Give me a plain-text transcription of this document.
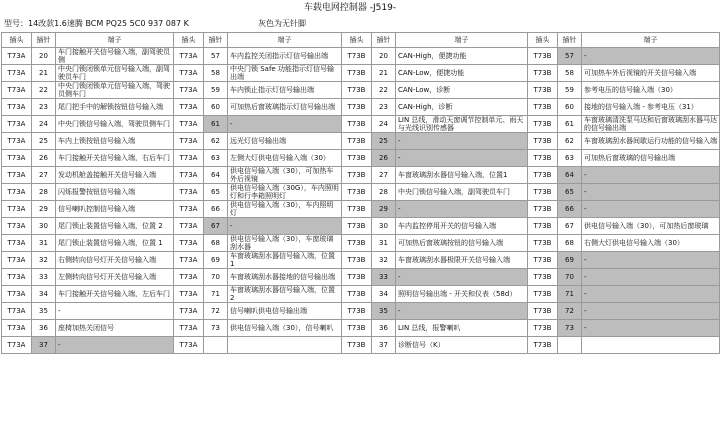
车载电网控制器 -J519-
型号：14改款1.6速腾 BCM PQ25 5C0 937 087 K	灰色为无针脚
插头	插针	端子	插头	插针	端子	插头	插针	端子	插头	插针	端子
T73A	20	车门接触开关信号输入端，副驾驶员侧	T73A	57	车内监控关闭指示灯信号输出端	T73B	20	CAN-High，便捷功能	T73B	57	-
T73A	21	中央门锁闭锁单元信号输入端，副驾驶员车门	T73A	58	中央门锁 Safe 功能指示灯信号输出端	T73B	21	CAN-Low，便捷功能	T73B	58	可加热车外后视镜的开关信号输入端
T73A	22	中央门锁闭锁单元信号输入端，驾驶员侧车门	T73A	59	车内锁止指示灯信号输出端	T73B	22	CAN-Low，诊断	T73B	59	参考电压的信号输入端（30）
T73A	23	尾门把手中的解锁按钮信号输入端	T73A	60	可加热后窗玻璃指示灯信号输出端	T73B	23	CAN-High，诊断	T73B	60	接地的信号输入端 - 参考电压（31）
T73A	24	中央门锁信号输入端，驾驶员侧车门	T73A	61	-	T73B	24	LIN 总线，滑动天窗调节控制单元、雨天与光线识别传感器	T73B	61	车窗玻璃清洗泵马达和后窗玻璃刮水器马达的信号输出端
T73A	25	车内上锁按钮信号输入端	T73A	62	远光灯信号输出端	T73B	25	-	T73B	62	车窗玻璃刮水器间歇运行功能的信号输入端
T73A	26	车门接触开关信号输入端，右后车门	T73A	63	左侧大灯供电信号输入端（30）	T73B	26	-	T73B	63	可加热后窗玻璃的信号输出端
T73A	27	发动机舱盖接触开关信号输入端	T73A	64	供电信号输入端（30），可加热车外后视镜	T73B	27	车窗玻璃刮水器信号输入端，位置1	T73B	64	-
T73A	28	闪烁报警按钮信号输入端	T73A	65	供电信号输入端（30G），车内照明灯和行李箱照明灯	T73B	28	中央门锁信号输入端，副驾驶员车门	T73B	65	-
T73A	29	信号喇叭控制信号输入端	T73A	66	供电信号输入端（30），车内照明灯	T73B	29	-	T73B	66	-
T73A	30	尾门锁止装置信号输入端，位置 2	T73A	67	-	T73B	30	车内监控停用开关的信号输入端	T73B	67	供电信号输入端（30），可加热后窗玻璃
T73A	31	尾门锁止装置信号输入端，位置 1	T73A	68	供电信号输入端（30），车窗玻璃刮水器	T73B	31	可加热后窗玻璃按钮的信号输入端	T73B	68	右侧大灯供电信号输入端（30）
T73A	32	右侧转向信号灯开关信号输入端	T73A	69	车窗玻璃刮水器信号输入端，位置1	T73B	32	车窗玻璃刮水器极限开关信号输入端	T73B	69	-
T73A	33	左侧转向信号灯开关信号输入端	T73A	70	车窗玻璃刮水器接地的信号输出端	T73B	33	-	T73B	70	-
T73A	34	车门接触开关信号输入端，左后车门	T73A	71	车窗玻璃刮水器信号输入端，位置2	T73B	34	照明信号输出端 - 开关和仪表（58d）	T73B	71	-
T73A	35	-	T73A	72	信号喇叭供电信号输出端	T73B	35	-	T73B	72	-
T73A	36	座椅加热关闭信号	T73A	73	供电信号输入端（30），信号喇叭	T73B	36	LIN 总线，报警喇叭	T73B	73	-
T73A	37	-	T73A			T73B	37	诊断信号（K）	T73B		
